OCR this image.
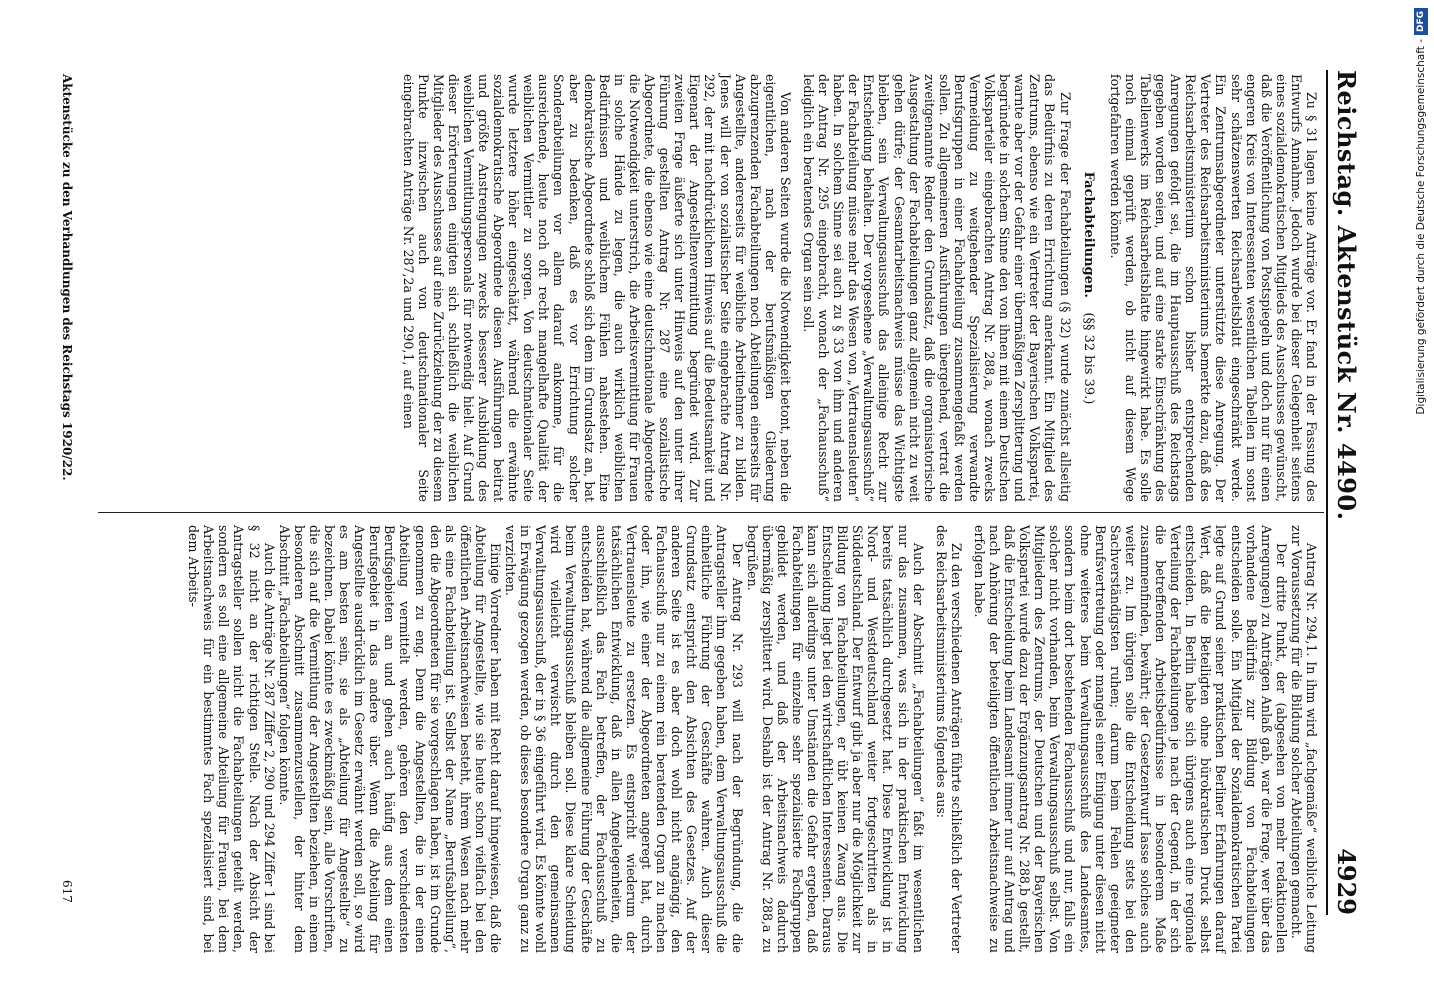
Reichstag. Aktenstück Nr. 4490.
4929

Zu § 31 lagen keine Anträge vor. Er fand in der Fassung des Entwurfs Annahme. Jedoch wurde bei dieser Gelegenheit seitens eines sozialdemokratischen Mitglieds des Ausschusses gewünscht, daß die Veröffentlichung von Postspiegeln und doch nur für einen engeren Kreis von Interessenten wesentlichen Tabellen im sonst sehr schätzenswerten Reichsarbeitsblatt eingeschränkt werde. Ein Zentrumsabgeordneter unterstützte diese Anregung. Der Vertreter des Reichsarbeitsministeriums bemerkte dazu, daß des Reichsarbeitsministerium schon bisher entsprechenden Anregungen gefolgt sei, die im Hauptausschuß des Reichstags gegeben worden seien, und auf eine starke Einschränkung des Tabellenwerks im Reichsarbeitsblatte hingewirkt habe. Es solle noch einmal geprüft werden, ob nicht auf diesem Wege fortgefahren werden könnte.

Fachabteilungen. (§§ 32 bis 39.)

Zur Frage der Fachabteilungen (§ 32) wurde zunächst allseitig das Bedürfnis zu deren Errichtung anerkannt. Ein Mitglied des Zentrums, ebenso wie ein Vertreter der Bayerischen Volkspartei, warnte aber vor der Gefahr einer übermäßigen Zersplitterung und begründete in solchem Sinne den von ihnen mit einem Deutschen Volksparteiler eingebrachten Antrag Nr. 288,a, wonach zwecks Vermeidung zu weitgehender Spezialisierung verwandte Berufsgruppen in einer Fachabteilung zusammengefaßt werden sollen. Zu allgemeineren Ausführungen übergehend, vertrat die zweitgenannte Redner den Grundsatz, daß die organisatorische Ausgestaltung der Fachabteilungen ganz allgemein nicht zu weit gehen dürfe; der Gesamtarbeitsnachweis müsse das Wichtigste bleiben, sein Verwaltungsausschuß das alleinige Recht zur Entscheidung behalten. Der vorgesehene „Verwaltungsausschuß“ der Fachabteilung müsse mehr das Wesen von „Vertrauensleuten“ haben. In solchem Sinne sei auch zu § 33 von ihm und anderen der Antrag Nr. 295 eingebracht, wonach der „Fachausschuß“ lediglich ein beratendes Organ sein soll.

Von anderen Seiten wurde die Notwendigkeit betont, neben die eigentlichen, nach der berufsmäßigen Gliederung abzugrenzenden Fachabteilungen noch Abteilungen einerseits für Angestellte, andererseits für weibliche Arbeitnehmer zu bilden. Jenes will der von sozialistischer Seite eingebrachte Antrag Nr. 292, der mit nachdrücklichem Hinweis auf die Bedeutsamkeit und Eigenart der Angestelltenvermittlung begründet wird. Zur zweiten Frage äußerte sich unter Hinweis auf den unter ihrer Führung gestellten Antrag Nr. 287 eine sozialistische Abgeordnete, die ebenso wie eine deutschnationale Abgeordnete die Notwendigkeit unterstrich, die Arbeitsvermittlung für Frauen in solche Hände zu legen, die auch wirklich weiblichen Bedürfnissen und weiblichem Fühlen nahestehen. Eine demokratische Abgeordnete schloß sich dem im Grundsatz an, bat aber zu bedenken, daß es vor Errichtung solcher Sonderabteilungen vor allem darauf ankomme, für die ausreichende, heute noch oft recht mangelhafte Qualität der weiblichen Vermittler zu sorgen. Von deutschnationaler Seite wurde letztere höher eingeschätzt, während die erwähnte sozialdemokratische Abgeordnete diesen Ausführungen beitrat und größte Anstrengungen zwecks besserer Ausbildung des weiblichen Vermittlungspersonals für notwendig hielt. Auf Grund dieser Erörterungen einigten sich schließlich die weiblichen Mitglieder des Ausschusses auf eine Zurückziehung der zu diesem Punkte inzwischen auch von deutschnationaler Seite eingebrachten Anträge Nr. 287,2a und 290,1, auf einen

Antrag Nr. 294,1. In ihm wird „fachgemäße“ weibliche Leitung zur Voraussetzung für die Bildung solcher Abteilungen gemacht.

Der dritte Punkt, der (abgesehen von mehr redaktionellen Anregungen) zu Anträgen Anlaß gab, war die Frage, wer über das vorhandene Bedürfnis zur Bildung von Fachabteilungen entscheiden solle. Ein Mitglied der Sozialdemokratischen Partei legte auf Grund seiner praktischen Berliner Erfahrungen darauf Wert, daß die Beteiligten ohne bürokratischen Druck selbst entscheiden. In Berlin habe sich übrigens auch eine regionale Verteilung der Fachabteilungen je nach der Gegend, in der sich die betreffenden Arbeitsbedürfnisse in besonderem Maße zusammenfinden, bewährt; der Gesetzentwurf lasse solches auch weiter zu. Im übrigen solle die Entscheidung stets bei den Sachverständigsten ruhen; darum beim Fehlen geeigneter Berufsvertretung oder mangels einer Einigung unter diesen nicht ohne weiteres beim Verwaltungsausschuß des Landesamtes, sondern beim dort bestehenden Fachausschuß und nur, falls ein solcher nicht vorhanden, beim Verwaltungsausschuß selbst. Von Mitgliedern des Zentrums, der Deutschen und der Bayerischen Volkspartei wurde dazu der Ergänzungsantrag Nr. 288,b gestellt, daß die Entscheidung beim Landesamt immer nur auf Antrag und nach Anhörung der beteiligten öffentlichen Arbeitsnachweise zu erfolgen habe.

Zu den verschiedenen Anträgen führte schließlich der Vertreter des Reichsarbeitsministeriums folgendes aus:

Auch der Abschnitt „Fachabteilungen“ faßt im wesentlichen nur das zusammen, was sich in der praktischen Entwicklung bereits tatsächlich durchgesetzt hat. Diese Entwicklung ist in Nord- und Westdeutschland weiter fortgeschritten als in Süddeutschland. Der Entwurf gibt ja aber nur die Möglichkeit zur Bildung von Fachabteilungen, er übt keinen Zwang aus. Die Entscheidung liegt bei den wirtschaftlichen Interessenten. Daraus kann sich allerdings unter Umständen die Gefahr ergeben, daß Fachabteilungen für einzelne sehr spezialisierte Fachgruppen gebildet werden, und daß der Arbeitsnachweis dadurch übermäßig zersplittert wird. Deshalb ist der Antrag Nr. 288,a zu begrüßen.

Der Antrag Nr. 293 will nach der Begründung, die die Antragsteller ihm gegeben haben, dem Verwaltungsausschuß die einheitliche Führung der Geschäfte wahren. Auch dieser Grundsatz entspricht den Absichten des Gesetzes. Auf der anderen Seite ist es aber doch wohl nicht angängig, den Fachausschuß nur zu einem rein beratenden Organ zu machen oder ihn, wie einer der Abgeordneten angeregt hat, durch Vertrauensleute zu ersetzen. Es entspricht wiederum der tatsächlichen Entwicklung, daß in allen Angelegenheiten, die ausschließlich das Fach betreffen, der Fachausschuß zu entscheiden hat, während die allgemeine Führung der Geschäfte beim Verwaltungsausschuß bleiben soll. Diese klare Scheidung wird vielleicht verwischt durch den gemeinsamen Verwaltungsausschuß, der in § 36 eingeführt wird. Es könnte wohl in Erwägung gezogen werden, ob dieses besondere Organ ganz zu verzichten.

Einige Vorredner haben mit Recht darauf hingewiesen, daß die Abteilung für Angestellte, wie sie heute schon vielfach bei den öffentlichen Arbeitsnachweisen besteht, ihrem Wesen nach mehr als eine Fachabteilung ist. Selbst der Name „Berufsabteilung“, den die Abgeordneten für sie vorgeschlagen haben, ist im Grunde genommen zu eng. Denn die Angestellten, die in der einen Abteilung vermittelt werden, gehören den verschiedensten Berufsgebieten an und gehen auch häufig aus dem einen Berufsgebiet in das andere über. Wenn die Abteilung für Angestellte ausdrücklich im Gesetz erwähnt werden soll, so wird es am besten sein, sie als „Abteilung für Angestellte“ zu bezeichnen. Dabei könnte es zweckmäßig sein, alle Vorschriften, die sich auf die Vermittlung der Angestellten beziehen, in einem besonderen Abschnitt zusammenzustellen, der hinter dem Abschnitt „Fachabteilungen“ folgen könnte.

Auch die Anträge Nr. 287 Ziffer 2, 290 und 294 Ziffer 1 sind bei § 32 nicht an der richtigen Stelle. Nach der Absicht der Antragsteller sollen nicht die Fachabteilungen geteilt werden, sondern es soll eine allgemeine Abteilung für Frauen, bei dem Arbeitsnachweis für ein bestimmtes Fach spezialisiert sind, bei dem Arbeits-

Aktenstücke zu den Verhandlungen des Reichstags 1920/22.
617
Digitalisierung gefördert durch die Deutsche Forschungsgemeinschaft -
DFG
